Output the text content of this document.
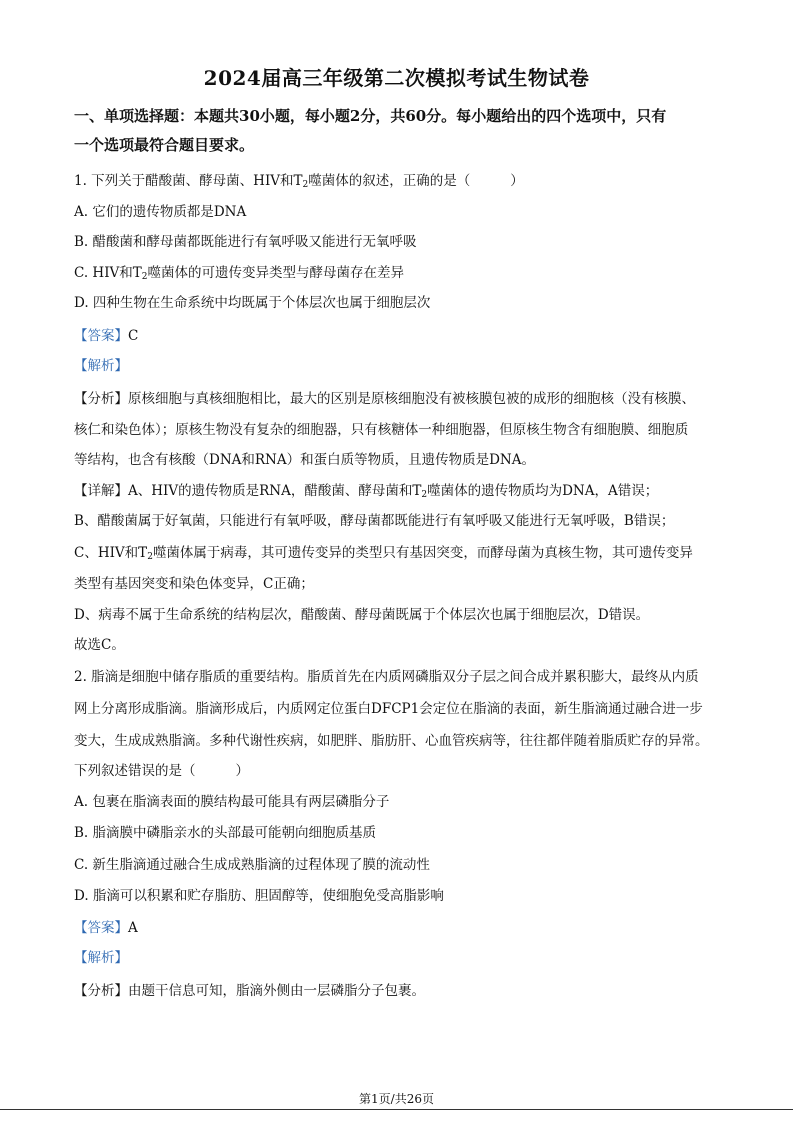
2024届高三年级第二次模拟考试生物试卷
一、单项选择题：本题共30小题，每小题2分，共60分。每小题给出的四个选项中，只有
一个选项最符合题目要求。
1. 下列关于醋酸菌、酵母菌、HIV和$T_2$噬菌体的叙述，正确的是（	）
A. 它们的遗传物质都是DNA
B. 醋酸菌和酵母菌都既能进行有氧呼吸又能进行无氧呼吸
C. HIV和$T_2$噬菌体的可遗传变异类型与酵母菌存在差异
D. 四种生物在生命系统中均既属于个体层次也属于细胞层次
【答案】C
【解析】
【分析】原核细胞与真核细胞相比，最大的区别是原核细胞没有被核膜包被的成形的细胞核（没有核膜、
核仁和染色体）；原核生物没有复杂的细胞器，只有核糖体一种细胞器，但原核生物含有细胞膜、细胞质
等结构，也含有核酸（DNA和RNA）和蛋白质等物质，且遗传物质是DNA。
【详解】A、HIV的遗传物质是RNA，醋酸菌、酵母菌和$T_2$噬菌体的遗传物质均为DNA，A错误；
B、醋酸菌属于好氧菌，只能进行有氧呼吸，酵母菌都既能进行有氧呼吸又能进行无氧呼吸，B错误；
C、HIV和$T_2$噬菌体属于病毒，其可遗传变异的类型只有基因突变，而酵母菌为真核生物，其可遗传变异
类型有基因突变和染色体变异，C正确；
D、病毒不属于生命系统的结构层次，醋酸菌、酵母菌既属于个体层次也属于细胞层次，D错误。
故选C。
2. 脂滴是细胞中储存脂质的重要结构。脂质首先在内质网磷脂双分子层之间合成并累积膨大，最终从内质
网上分离形成脂滴。脂滴形成后，内质网定位蛋白DFCP1会定位在脂滴的表面，新生脂滴通过融合进一步
变大，生成成熟脂滴。多种代谢性疾病，如肥胖、脂肪肝、心血管疾病等，往往都伴随着脂质贮存的异常。
下列叙述错误的是（	）
A. 包裹在脂滴表面的膜结构最可能具有两层磷脂分子
B. 脂滴膜中磷脂亲水的头部最可能朝向细胞质基质
C. 新生脂滴通过融合生成成熟脂滴的过程体现了膜的流动性
D. 脂滴可以积累和贮存脂肪、胆固醇等，使细胞免受高脂影响
【答案】A
【解析】
【分析】由题干信息可知，脂滴外侧由一层磷脂分子包裹。
第1页/共26页
